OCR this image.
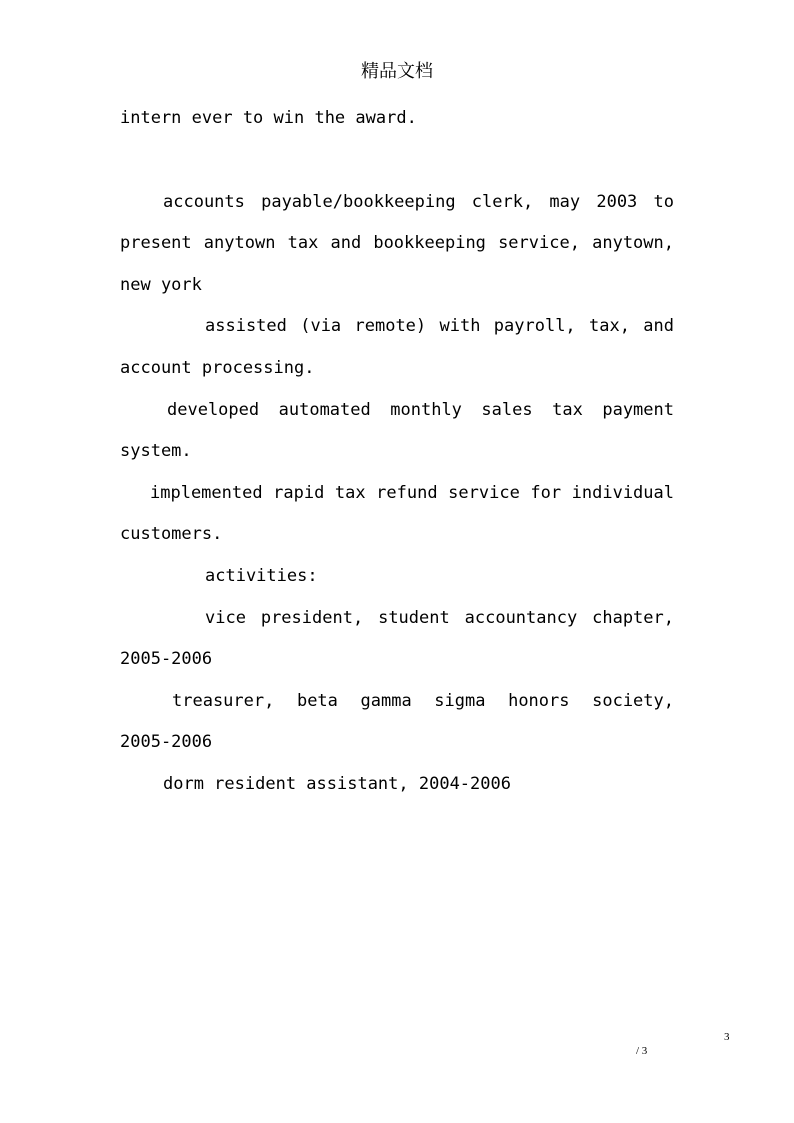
精品文档
intern ever to win the award.
accounts payable/bookkeeping clerk, may 2003 to
present anytown tax and bookkeeping service, anytown,
new york
assisted (via remote) with payroll, tax, and
account processing.
developed automated monthly sales tax payment
system.
implemented rapid tax refund service for individual
customers.
activities:
vice president, student accountancy chapter,
2005-2006
treasurer, beta gamma sigma honors society,
2005-2006
dorm resident assistant, 2004-2006
3
/ 3
